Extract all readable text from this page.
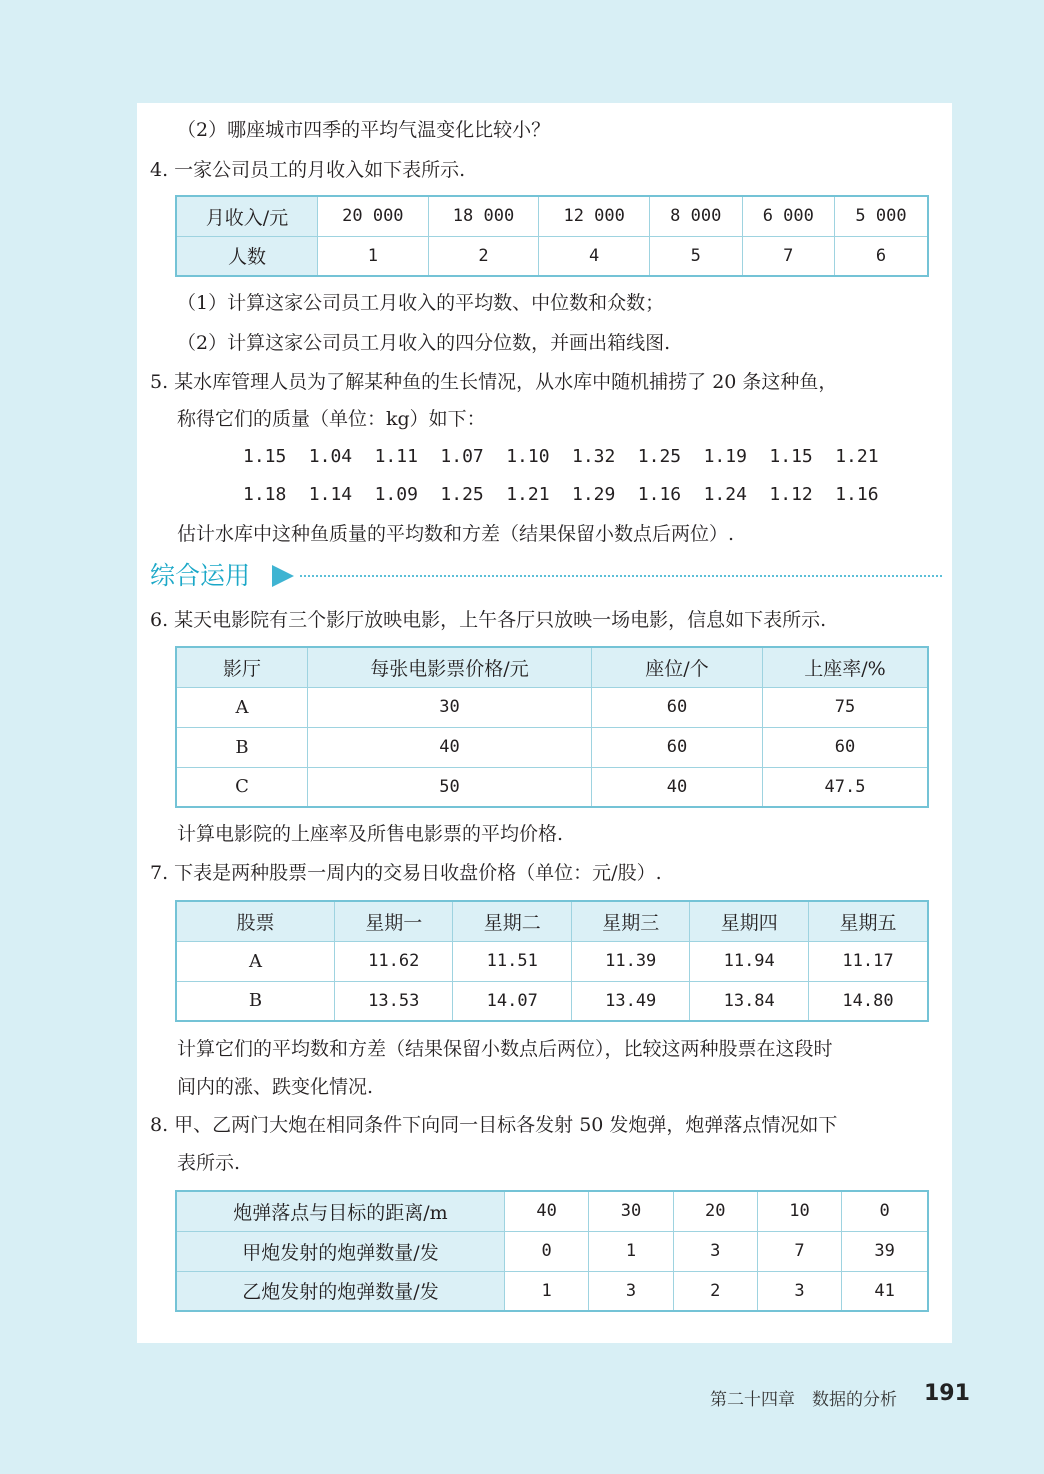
（2）哪座城市四季的平均气温变化比较小？
4. 一家公司员工的月收入如下表所示.
月收入/元	20 000	18 000	12 000	8 000	6 000	5 000
人数	1	2	4	5	7	6
（1）计算这家公司员工月收入的平均数、中位数和众数；
（2）计算这家公司员工月收入的四分位数，并画出箱线图.
5. 某水库管理人员为了解某种鱼的生长情况，从水库中随机捕捞了 20 条这种鱼，
称得它们的质量（单位：kg）如下：
1.15 1.04 1.11 1.07 1.10 1.32 1.25 1.19 1.15 1.21
1.18 1.14 1.09 1.25 1.21 1.29 1.16 1.24 1.12 1.16
估计水库中这种鱼质量的平均数和方差（结果保留小数点后两位）.
综合运用
6. 某天电影院有三个影厅放映电影，上午各厅只放映一场电影，信息如下表所示.
影厅	每张电影票价格/元	座位/个	上座率/%
A	30	60	75
B	40	60	60
C	50	40	47.5
计算电影院的上座率及所售电影票的平均价格.
7. 下表是两种股票一周内的交易日收盘价格（单位：元/股）.
股票	星期一	星期二	星期三	星期四	星期五
A	11.62	11.51	11.39	11.94	11.17
B	13.53	14.07	13.49	13.84	14.80
计算它们的平均数和方差（结果保留小数点后两位），比较这两种股票在这段时
间内的涨、跌变化情况.
8. 甲、乙两门大炮在相同条件下向同一目标各发射 50 发炮弹，炮弹落点情况如下
表所示.
炮弹落点与目标的距离/m	40	30	20	10	0
甲炮发射的炮弹数量/发	0	1	3	7	39
乙炮发射的炮弹数量/发	1	3	2	3	41
第二十四章　数据的分析 191
